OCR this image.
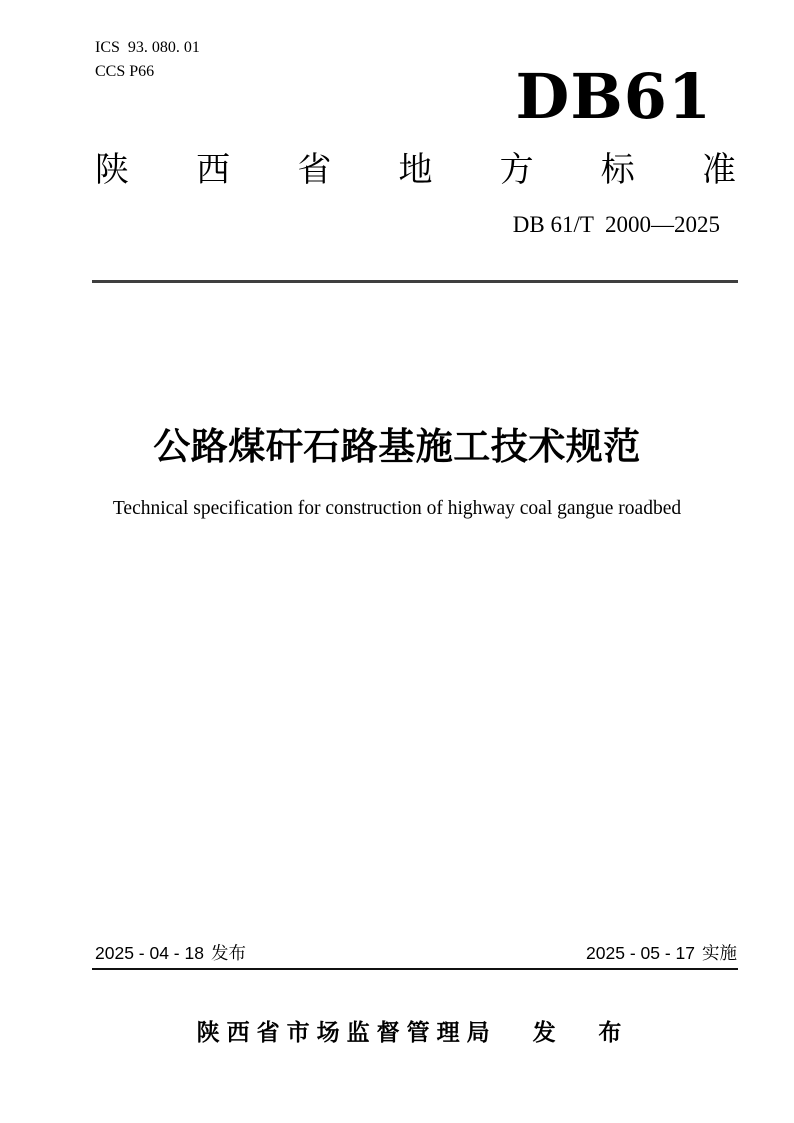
ICS  93. 080. 01
CCS P66	DB61
陕 西 省 地 方 标 准
DB 61/T  2000—2025
公路煤矸石路基施工技术规范
Technical specification for construction of highway coal gangue roadbed
2025 - 04 - 18 发布	2025 - 05 - 17 实施
陕西省市场监督管理局 发  布
